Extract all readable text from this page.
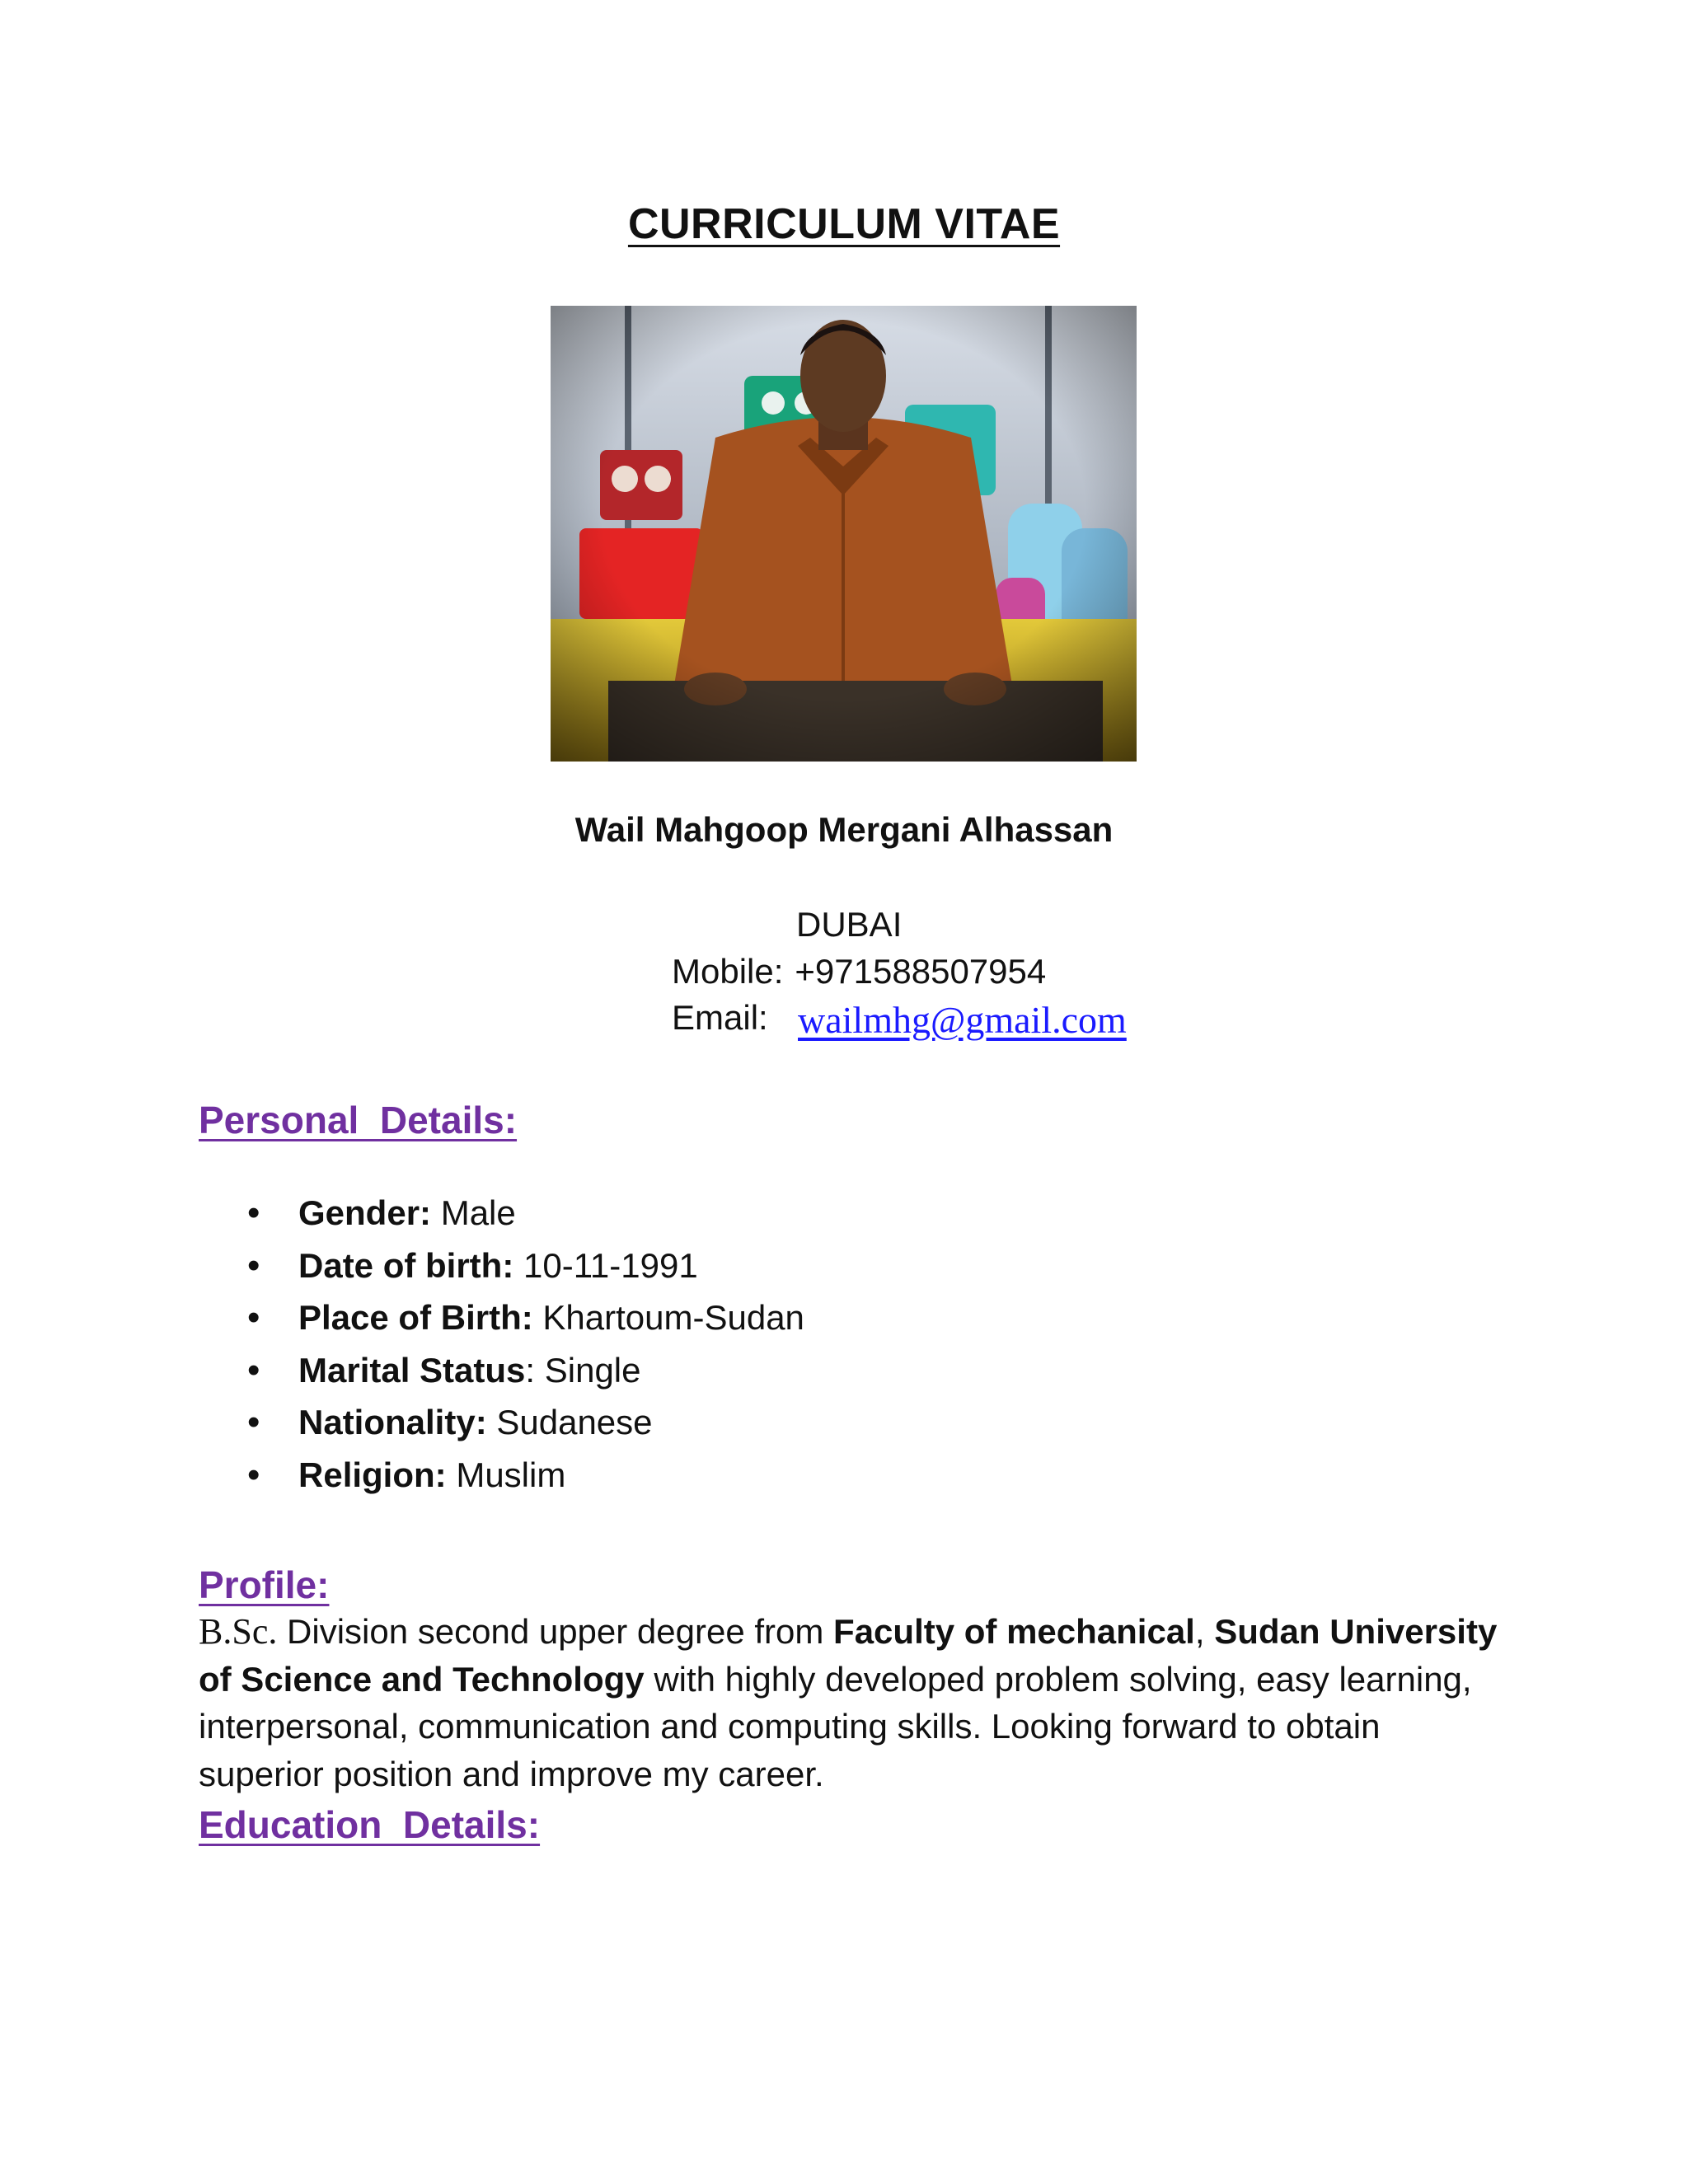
CURRICULUM VITAE
Wail Mahgoop Mergani Alhassan
DUBAI
Mobile: +971588507954
Email: wailmhg@gmail.com
Personal  Details:
• Gender: Male
• Date of birth: 10-11-1991
• Place of Birth: Khartoum-Sudan
• Marital Status: Single
• Nationality: Sudanese
• Religion: Muslim
Profile:
B.Sc. Division second upper degree from Faculty of mechanical, Sudan University of Science and Technology with highly developed problem solving, easy learning, interpersonal, communication and computing skills. Looking forward to obtain superior position and improve my career.
Education  Details:
